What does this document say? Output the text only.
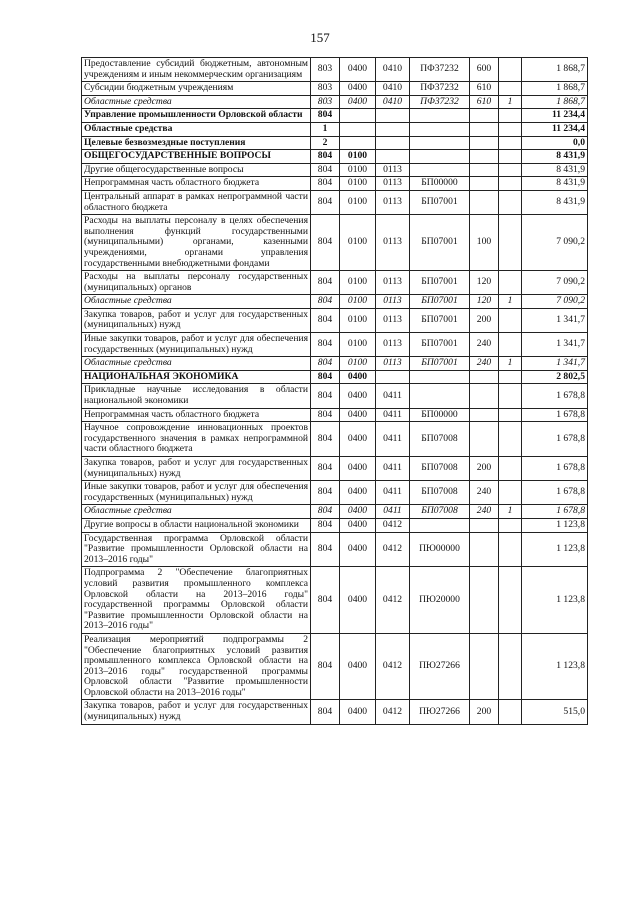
157
Предоставление субсидий бюджетным, автономным учреждениям и иным некоммерческим организациям	803	0400	0410	ПФ37232	600		1 868,7
Субсидии бюджетным учреждениям	803	0400	0410	ПФ37232	610		1 868,7
Областные средства	803	0400	0410	ПФ37232	610	1	1 868,7
Управление промышленности Орловской области	804						11 234,4
Областные средства	1						11 234,4
Целевые безвозмездные поступления	2						0,0
ОБЩЕГОСУДАРСТВЕННЫЕ ВОПРОСЫ	804	0100					8 431,9
Другие общегосударственные вопросы	804	0100	0113				8 431,9
Непрограммная часть областного бюджета	804	0100	0113	БП00000			8 431,9
Центральный аппарат в рамках непрограммной части областного бюджета	804	0100	0113	БП07001			8 431,9
Расходы на выплаты персоналу в целях обеспечения выполнения функций государственными (муниципальными) органами, казенными учреждениями, органами управления государственными внебюджетными фондами	804	0100	0113	БП07001	100		7 090,2
Расходы на выплаты персоналу государственных (муниципальных) органов	804	0100	0113	БП07001	120		7 090,2
Областные средства	804	0100	0113	БП07001	120	1	7 090,2
Закупка товаров, работ и услуг для государственных (муниципальных) нужд	804	0100	0113	БП07001	200		1 341,7
Иные закупки товаров, работ и услуг для обеспечения государственных (муниципальных) нужд	804	0100	0113	БП07001	240		1 341,7
Областные средства	804	0100	0113	БП07001	240	1	1 341,7
НАЦИОНАЛЬНАЯ ЭКОНОМИКА	804	0400					2 802,5
Прикладные научные исследования в области национальной экономики	804	0400	0411				1 678,8
Непрограммная часть областного бюджета	804	0400	0411	БП00000			1 678,8
Научное сопровождение инновационных проектов государственного значения в рамках непрограммной части областного бюджета	804	0400	0411	БП07008			1 678,8
Закупка товаров, работ и услуг для государственных (муниципальных) нужд	804	0400	0411	БП07008	200		1 678,8
Иные закупки товаров, работ и услуг для обеспечения государственных (муниципальных) нужд	804	0400	0411	БП07008	240		1 678,8
Областные средства	804	0400	0411	БП07008	240	1	1 678,8
Другие вопросы в области национальной экономики	804	0400	0412				1 123,8
Государственная программа Орловской области "Развитие промышленности Орловской области на 2013–2016 годы"	804	0400	0412	ПЮ00000			1 123,8
Подпрограмма 2 "Обеспечение благоприятных условий развития промышленного комплекса Орловской области на 2013–2016 годы" государственной программы Орловской области "Развитие промышленности Орловской области на 2013–2016 годы"	804	0400	0412	ПЮ20000			1 123,8
Реализация мероприятий подпрограммы 2 "Обеспечение благоприятных условий развития промышленного комплекса Орловской области на 2013–2016 годы" государственной программы Орловской области "Развитие промышленности Орловской области на 2013–2016 годы"	804	0400	0412	ПЮ27266			1 123,8
Закупка товаров, работ и услуг для государственных (муниципальных) нужд	804	0400	0412	ПЮ27266	200		515,0
